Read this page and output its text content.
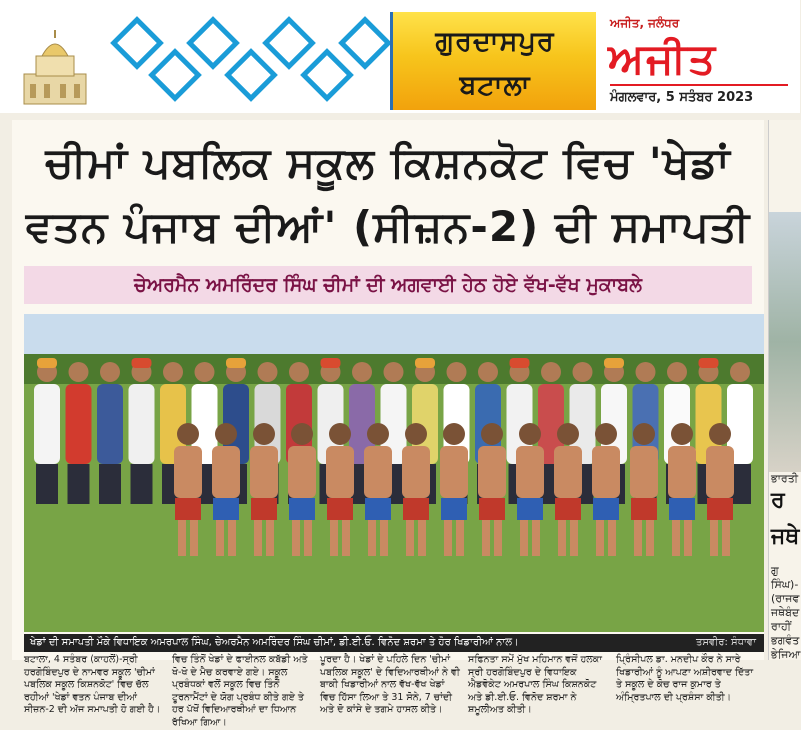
ਗੁਰਦਾਸਪੁਰ
ਬਟਾਲਾ
ਅਜੀਤ, ਜਲੰਧਰ
ਅਜੀਤ
ਮੰਗਲਵਾਰ, 5 ਸਤੰਬਰ 2023
ਚੀਮਾਂ ਪਬਲਿਕ ਸਕੂਲ ਕਿਸ਼ਨਕੋਟ ਵਿਚ 'ਖੇਡਾਂ
ਵਤਨ ਪੰਜਾਬ ਦੀਆਂ' (ਸੀਜ਼ਨ-2) ਦੀ ਸਮਾਪਤੀ
ਚੇਅਰਮੈਨ ਅਮਰਿੰਦਰ ਸਿੰਘ ਚੀਮਾਂ ਦੀ ਅਗਵਾਈ ਹੇਠ ਹੋਏ ਵੱਖ-ਵੱਖ ਮੁਕਾਬਲੇ
ਖੇਡਾਂ ਦੀ ਸਮਾਪਤੀ ਮੌਕੇ ਵਿਧਾਇਕ ਅਮਰਪਾਲ ਸਿੰਘ, ਚੇਅਰਮੈਨ ਅਮਰਿੰਦਰ ਸਿੰਘ ਚੀਮਾਂ, ਡੀ.ਈ.ਓ. ਵਿਨੋਦ ਸ਼ਰਮਾ ਤੇ ਹੋਰ ਖਿਡਾਰੀਆਂ ਨਾਲ।	ਤਸਵੀਰ: ਸੰਧਾਵਾ
ਬਟਾਲਾ, 4 ਸਤੰਬਰ (ਕਾਹਲੋਂ)-ਸ੍ਰੀ ਹਰਗੋਬਿੰਦਪੁਰ ਦੇ ਨਾਮਵਰ ਸਕੂਲ 'ਚੀਮਾਂ ਪਬਲਿਕ ਸਕੂਲ ਕਿਸ਼ਨਕੋਟ' ਵਿਚ ਚੱਲ ਰਹੀਆਂ 'ਖੇਡਾਂ ਵਤਨ ਪੰਜਾਬ ਦੀਆਂ ਸੀਜ਼ਨ-2 ਦੀ ਅੱਜ ਸਮਾਪਤੀ ਹੋ ਗਈ ਹੈ।
ਵਿਚ ਤਿੰਨੋਂ ਖੇਡਾਂ ਦੇ ਫਾਈਨਲ ਕਬੱਡੀ ਅਤੇ ਖੋ-ਖੋ ਦੇ ਮੈਚ ਕਰਵਾਏ ਗਏ। ਸਕੂਲ ਪ੍ਰਬੰਧਕਾਂ ਵਲੋਂ ਸਕੂਲ ਵਿਚ ਤਿੰਨੋਂ ਟੂਰਨਾਮੈਂਟਾਂ ਦੇ ਯੋਗ ਪ੍ਰਬੰਧ ਕੀਤੇ ਗਏ ਤੇ ਹਰ ਪੱਖੋਂ ਵਿਦਿਆਰਥੀਆਂ ਦਾ ਧਿਆਨ ਰੱਖਿਆ ਗਿਆ।
ਪੂਰਦਾ ਹੈ। ਖੇਡਾਂ ਦੇ ਪਹਿਲੇ ਦਿਨ 'ਚੀਮਾਂ ਪਬਲਿਕ ਸਕੂਲ' ਦੇ ਵਿਦਿਆਰਥੀਆਂ ਨੇ ਵੀ ਬਾਕੀ ਖਿਡਾਰੀਆਂ ਨਾਲ ਵੱਖ-ਵੱਖ ਖੇਡਾਂ ਵਿਚ ਹਿੱਸਾ ਲਿਆ ਤੇ 31 ਸੋਨੇ, 7 ਚਾਂਦੀ ਅਤੇ ਦੋ ਕਾਂਸੇ ਦੇ ਤਗਮੇ ਹਾਸਲ ਕੀਤੇ।
ਸਫਿਨਤਾ ਸਮੇਂ ਮੁੱਖ ਮਹਿਮਾਨ ਵਜੋਂ ਹਲਕਾ ਸ੍ਰੀ ਹਰਗੋਬਿੰਦਪੁਰ ਦੇ ਵਿਧਾਇਕ ਐਡਵੋਕੇਟ ਅਮਰਪਾਲ ਸਿੰਘ ਕਿਸ਼ਨਕੋਟ ਅਤੇ ਡੀ.ਈ.ਓ. ਵਿਨੋਦ ਸ਼ਰਮਾ ਨੇ ਸ਼ਮੂਲੀਅਤ ਕੀਤੀ।
ਪ੍ਰਿੰਸੀਪਲ ਡਾ. ਮਨਦੀਪ ਕੌਰ ਨੇ ਸਾਰੇ ਖਿਡਾਰੀਆਂ ਨੂੰ ਆਪਣਾ ਅਸ਼ੀਰਵਾਦ ਦਿੱਤਾ ਤੇ ਸਕੂਲ ਦੇ ਕੋਚ ਰਾਜ ਕੁਮਾਰ ਤੇ ਅੰਮ੍ਰਿਤਪਾਲ ਦੀ ਪ੍ਰਸ਼ੰਸਾ ਕੀਤੀ।
ਭਾਰਤੀ
ਰ
ਜਥੇ
ਗੁ
ਸਿੰਘ)-
(ਰਾਜਵ
ਜਥੇਬੰਦ
ਰਾਹੀਂ
ਭਗਵੰਤ
ਭੇਜਿਆ
